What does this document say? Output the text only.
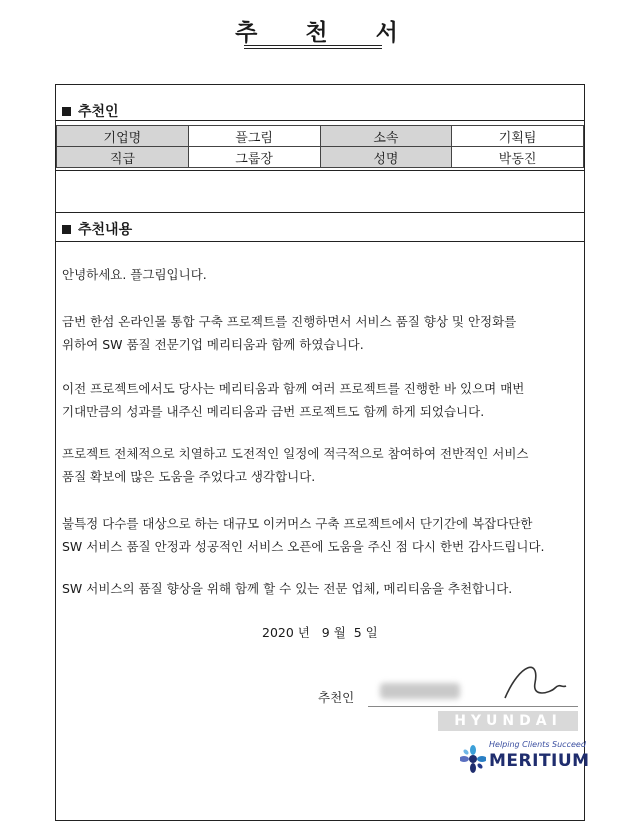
추 천 서
추천인
기업명	플그림	소속	기획팀
직급	그룹장	성명	박동진
추천내용
안녕하세요. 플그림입니다.
금번 한섬 온라인몰 통합 구축 프로젝트를 진행하면서 서비스 품질 향상 및 안정화를
위하여 SW 품질 전문기업 메리티움과 함께 하였습니다.
이전 프로젝트에서도 당사는 메리티움과 함께 여러 프로젝트를 진행한 바 있으며 매번
기대만큼의 성과를 내주신 메리티움과 금번 프로젝트도 함께 하게 되었습니다.
프로젝트 전체적으로 치열하고 도전적인 일정에 적극적으로 참여하여 전반적인 서비스
품질 확보에 많은 도움을 주었다고 생각합니다.
불특정 다수를 대상으로 하는 대규모 이커머스 구축 프로젝트에서 단기간에 복잡다단한
SW 서비스 품질 안정과 성공적인 서비스 오픈에 도움을 주신 점 다시 한번 감사드립니다.
SW 서비스의 품질 향상을 위해 함께 할 수 있는 전문 업체, 메리티움을 추천합니다.
2020 년   9 월  5 일
추천인
HYUNDAI
Helping Clients Succeed
MERITIUM
